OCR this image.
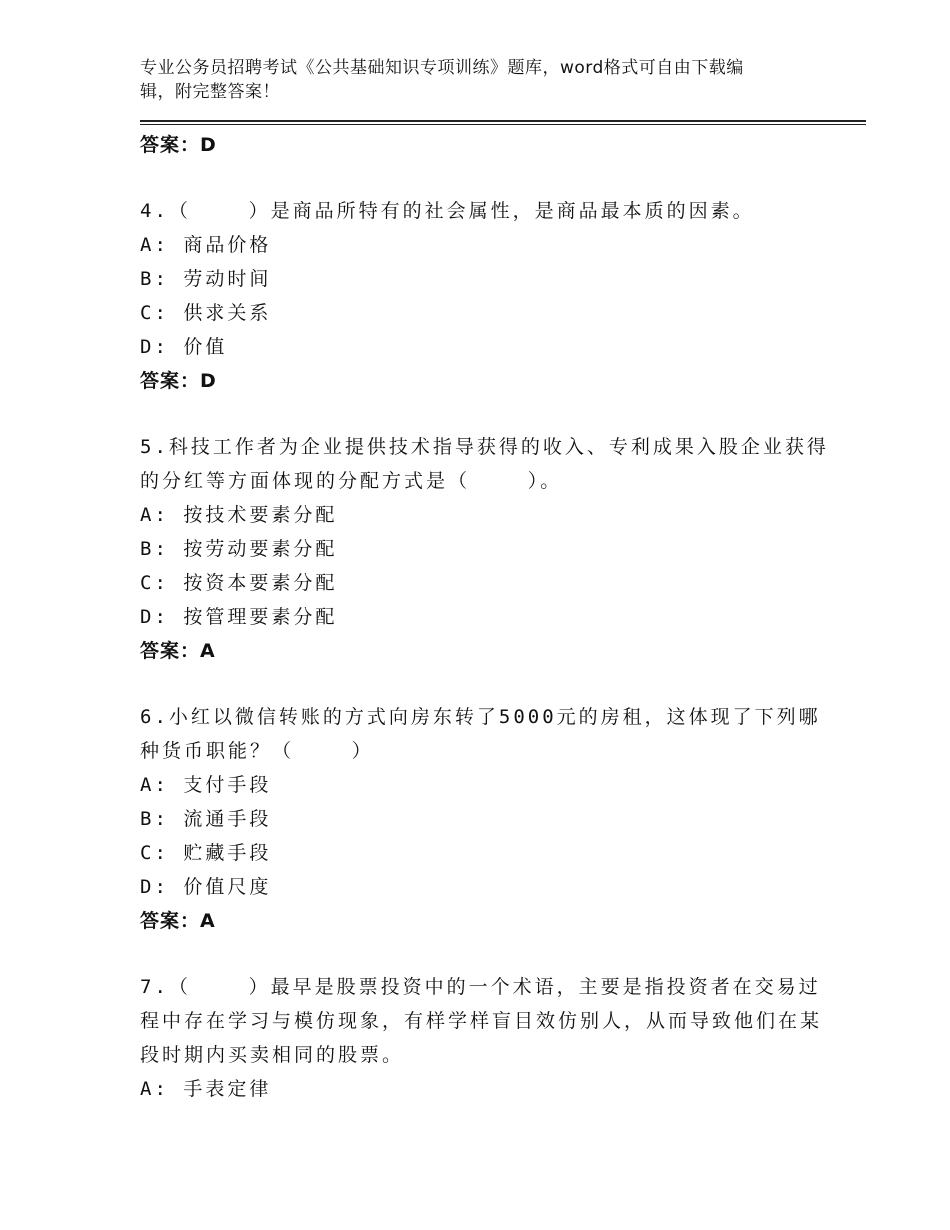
专业公务员招聘考试《公共基础知识专项训练》题库，word格式可自由下载编
辑，附完整答案！
答案：D
4.（    ）是商品所特有的社会属性，是商品最本质的因素。
A: 商品价格
B: 劳动时间
C: 供求关系
D: 价值
答案：D
5.科技工作者为企业提供技术指导获得的收入、专利成果入股企业获得的分红等方面体现的分配方式是（    ）。
A: 按技术要素分配
B: 按劳动要素分配
C: 按资本要素分配
D: 按管理要素分配
答案：A
6.小红以微信转账的方式向房东转了5000元的房租，这体现了下列哪种货币职能？（    ）
A: 支付手段
B: 流通手段
C: 贮藏手段
D: 价值尺度
答案：A
7.（    ）最早是股票投资中的一个术语，主要是指投资者在交易过程中存在学习与模仿现象，有样学样盲目效仿别人，从而导致他们在某段时期内买卖相同的股票。
A: 手表定律
